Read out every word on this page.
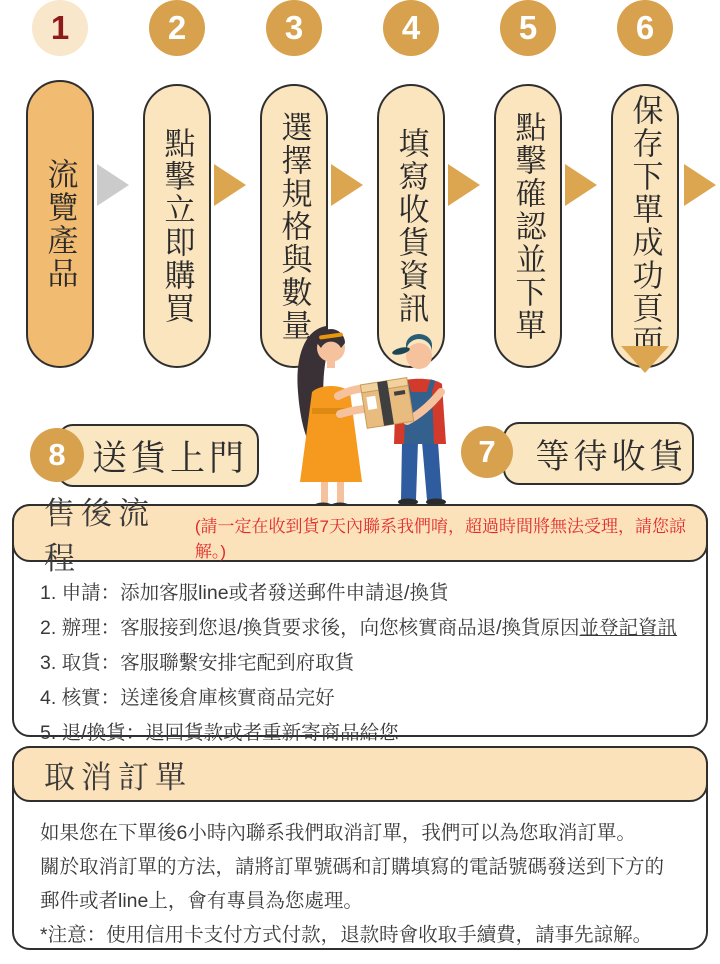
1
流覽產品
2
點擊立即購買
3
選擇規格與數量
4
填寫收貨資訊
5
點擊確認並下單
6
保存下單成功頁面
送貨上門
8	等待收貨
7
售後流程
(請一定在收到貨7天內聯系我們唷，超過時間將無法受理，請您諒解。)
1. 申請：添加客服line或者發送郵件申請退/換貨
2. 辦理：客服接到您退/換貨要求後，向您核實商品退/換貨原因並登記資訊
3. 取貨：客服聯繫安排宅配到府取貨
4. 核實：送達後倉庫核實商品完好
5. 退/換貨：退回貨款或者重新寄商品給您
取消訂單

如果您在下單後6小時內聯系我們取消訂單，我們可以為您取消訂單。

關於取消訂單的方法，請將訂單號碼和訂購填寫的電話號碼發送到下方的郵件或者line上，會有專員為您處理。

*注意：使用信用卡支付方式付款，退款時會收取手續費，請事先諒解。
